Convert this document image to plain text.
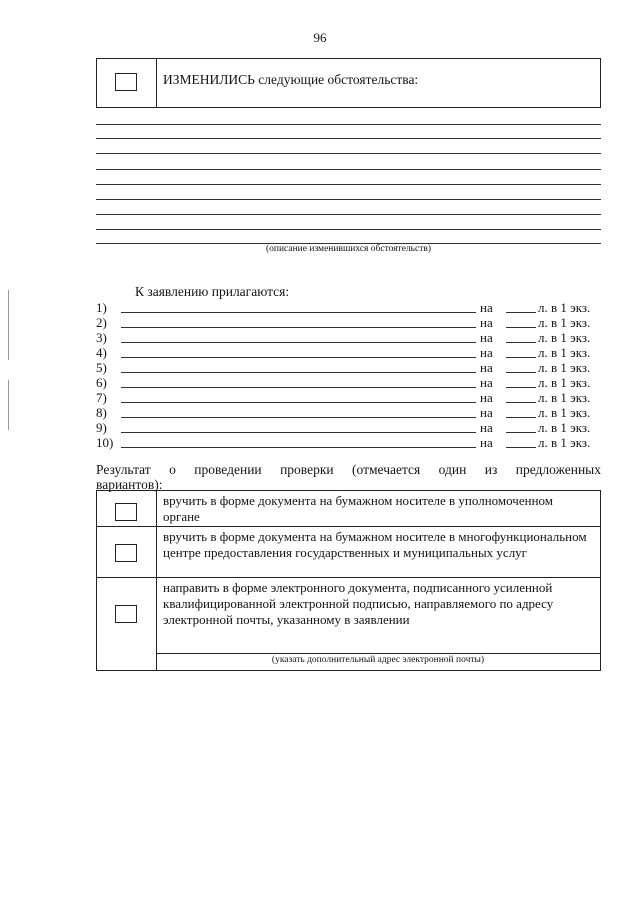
96
ИЗМЕНИЛИСЬ следующие обстоятельства:
(описание изменившихся обстоятельств)
К заявлению прилагаются:
1)	на	л. в 1 экз.
2)	на	л. в 1 экз.
3)	на	л. в 1 экз.
4)	на	л. в 1 экз.
5)	на	л. в 1 экз.
6)	на	л. в 1 экз.
7)	на	л. в 1 экз.
8)	на	л. в 1 экз.
9)	на	л. в 1 экз.
10)	на	л. в 1 экз.
Результат о проведении проверки (отмечается один из предложенных
вариантов):
вручить в форме документа на бумажном носителе в уполномоченном органе
вручить в форме документа на бумажном носителе в многофункциональном центре предоставления государственных и муниципальных услуг
направить в форме электронного документа, подписанного усиленной квалифицированной электронной подписью, направляемого по адресу электронной почты, указанному в заявлении
(указать дополнительный адрес электронной почты)
